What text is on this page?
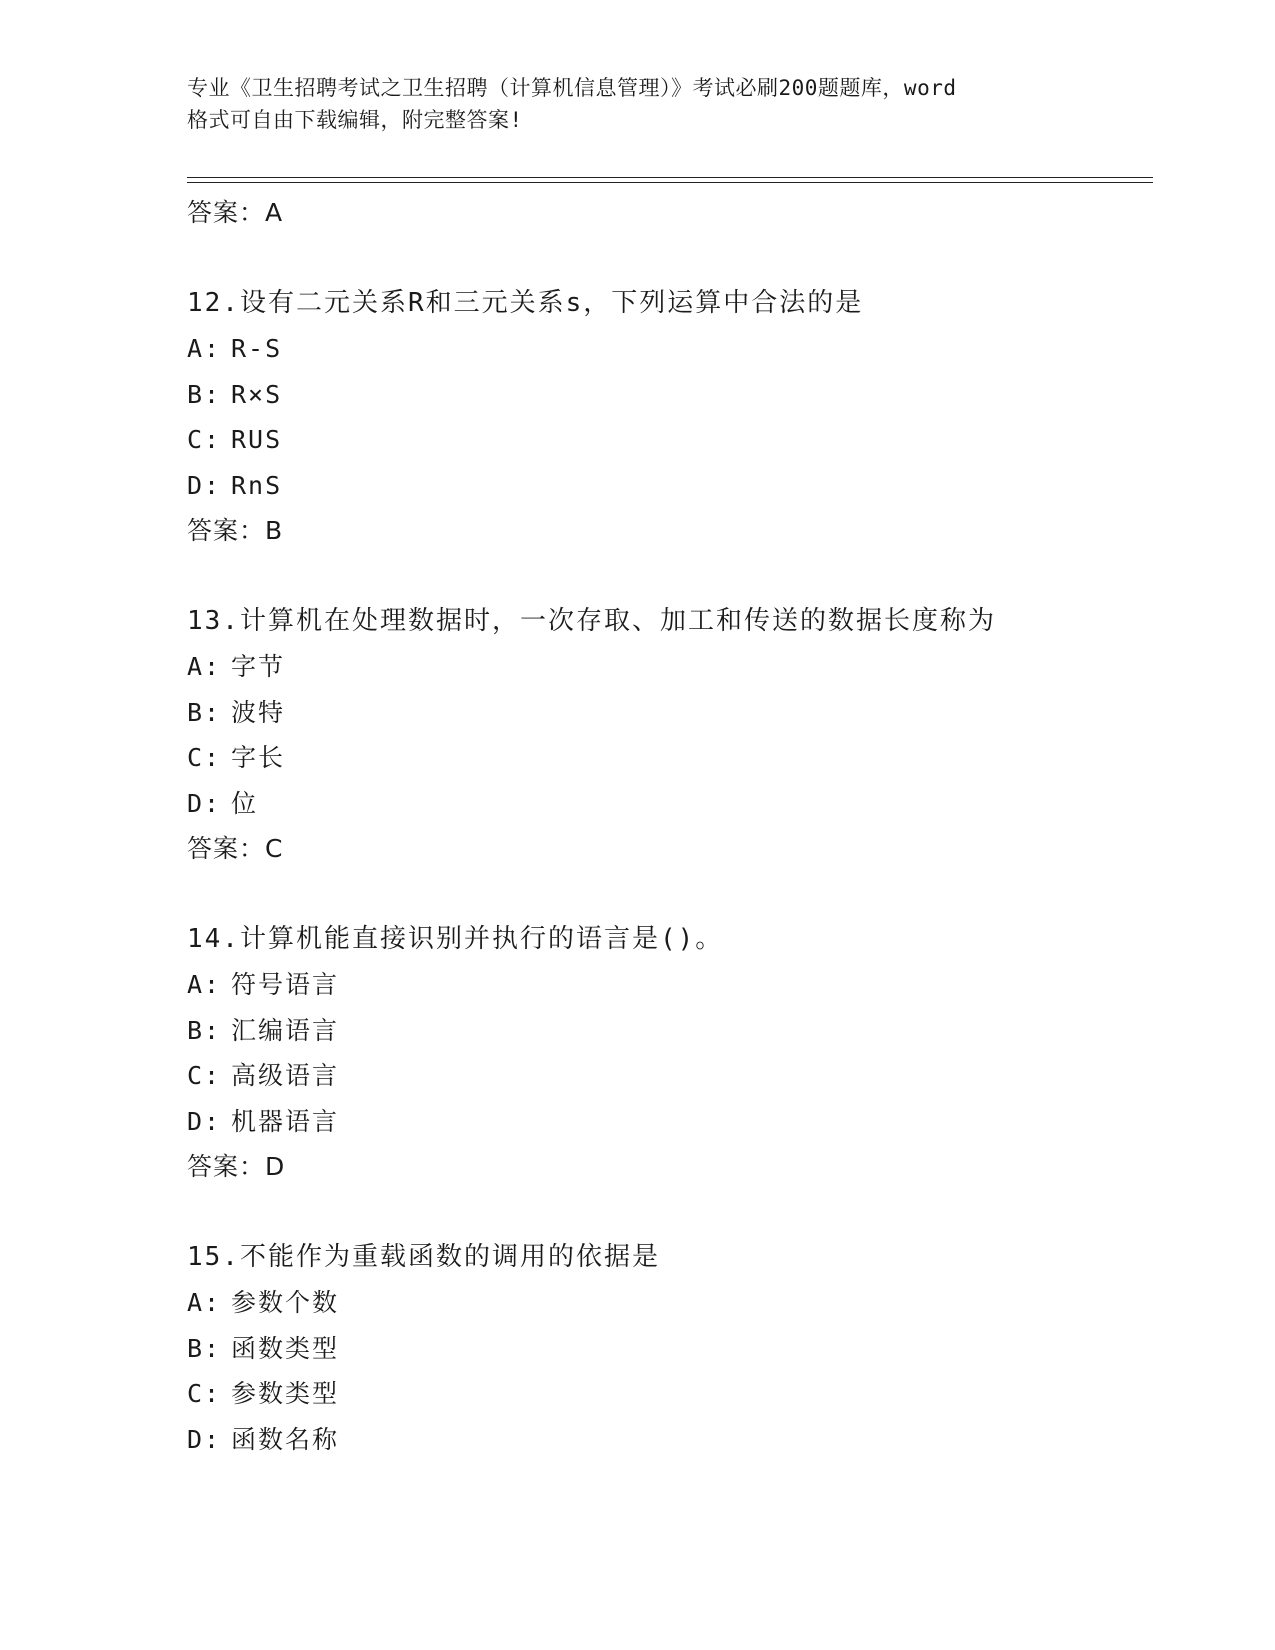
专业《卫生招聘考试之卫生招聘（计算机信息管理）》考试必刷200题题库，word
格式可自由下载编辑，附完整答案!
答案：A
12.设有二元关系R和三元关系s，下列运算中合法的是
A: R-S
B: R×S
C: RUS
D: RnS
答案：B
13.计算机在处理数据时，一次存取、加工和传送的数据长度称为
A: 字节
B: 波特
C: 字长
D: 位
答案：C
14.计算机能直接识别并执行的语言是()。
A: 符号语言
B: 汇编语言
C: 高级语言
D: 机器语言
答案：D
15.不能作为重载函数的调用的依据是
A: 参数个数
B: 函数类型
C: 参数类型
D: 函数名称
